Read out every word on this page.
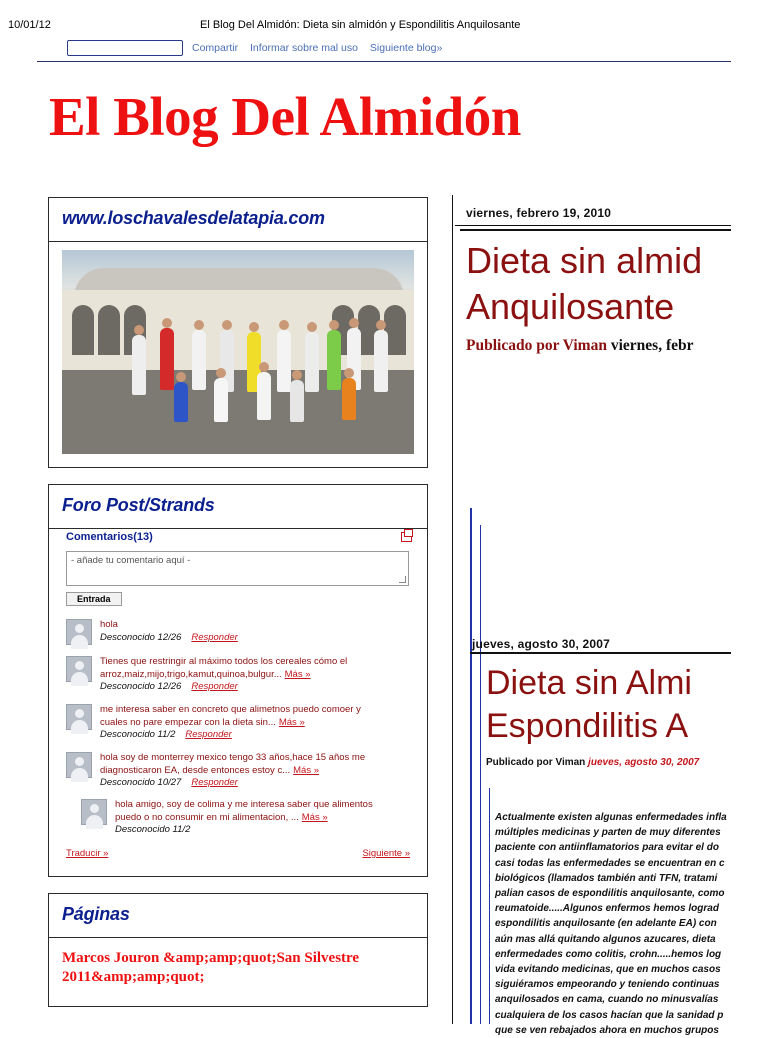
10/01/12	El Blog Del Almidón: Dieta sin almidón y Espondilitis Anquilosante
Compartir Informar sobre mal uso Siguiente blog»
El Blog Del Almidón
www.loschavalesdelatapia.com
Foro Post/Strands
Comentarios(13)
- añade tu comentario aquí -
Entrada
hola
Desconocido 12/26 Responder
Tienes que restringir al máximo todos los cereales cómo el arroz,maiz,mijo,trigo,kamut,quinoa,bulgur... Más »
Desconocido 12/26 Responder
me interesa saber en concreto que alimetnos puedo comoer y cuales no pare empezar con la dieta sin... Más »
Desconocido 11/2 Responder
hola soy de monterrey mexico tengo 33 años,hace 15 años me diagnosticaron EA, desde entonces estoy c... Más »
Desconocido 10/27 Responder
hola amigo, soy de colima y me interesa saber que alimentos puedo o no consumir en mi alimentacion, ... Más »
Desconocido 11/2
Traducir »	Siguiente »
Páginas
Marcos Jouron &amp;amp;quot;San Silvestre 2011&amp;amp;quot;
viernes, febrero 19, 2010
Dieta sin almid
Anquilosante
Publicado por Viman viernes, febr
jueves, agosto 30, 2007
Dieta sin Almi
Espondilitis A
Publicado por Viman jueves, agosto 30, 2007
Actualmente existen algunas enfermedades infla
múltiples medicinas y parten de muy diferentes
paciente con antiinflamatorios para evitar el do
casi todas las enfermedades se encuentran en c
biológicos (llamados también anti TFN, tratami
palian casos de espondilitis anquilosante, como
reumatoide.....Algunos enfermos hemos lograd
espondilitis anquilosante (en adelante EA) con
aún mas allá quitando algunos azucares, dieta
enfermedades como colitis, crohn.....hemos log
vida evitando medicinas, que en muchos casos
siguiéramos empeorando y teniendo continuas
anquilosados en cama, cuando no minusvalías
cualquiera de los casos hacían que la sanidad p
que se ven rebajados ahora en muchos grupos
